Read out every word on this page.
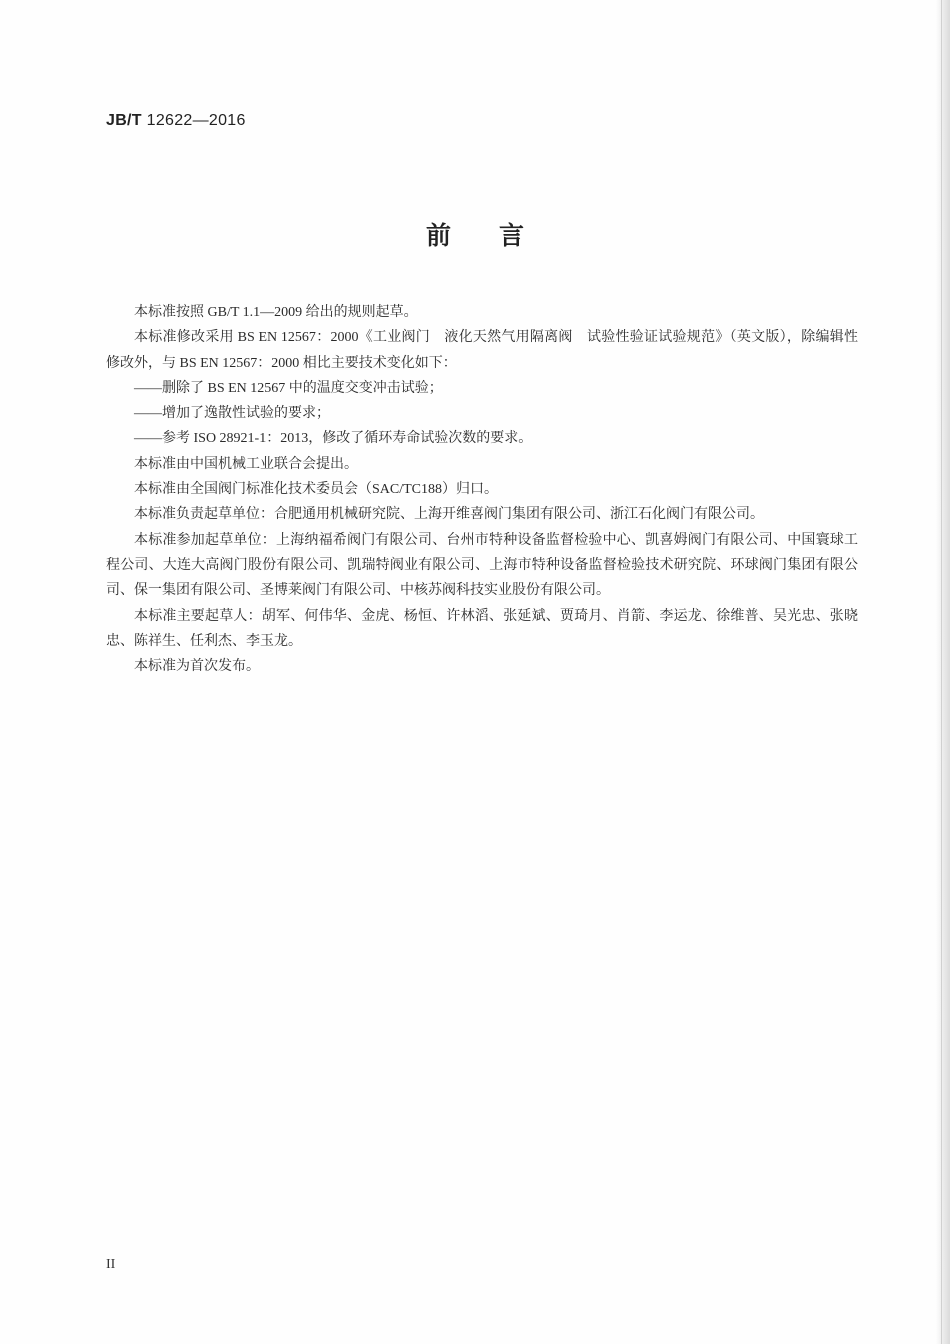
JB/T 12622—2016
前言

本标准按照 GB/T 1.1—2009 给出的规则起草。

本标准修改采用 BS EN 12567：2000《工业阀门　液化天然气用隔离阀　试验性验证试验规范》（英文版），除编辑性修改外，与 BS EN 12567：2000 相比主要技术变化如下：

——删除了 BS EN 12567 中的温度交变冲击试验；

——增加了逸散性试验的要求；

——参考 ISO 28921-1：2013，修改了循环寿命试验次数的要求。

本标准由中国机械工业联合会提出。

本标准由全国阀门标准化技术委员会（SAC/TC188）归口。

本标准负责起草单位：合肥通用机械研究院、上海开维喜阀门集团有限公司、浙江石化阀门有限公司。

本标准参加起草单位：上海纳福希阀门有限公司、台州市特种设备监督检验中心、凯喜姆阀门有限公司、中国寰球工程公司、大连大高阀门股份有限公司、凯瑞特阀业有限公司、上海市特种设备监督检验技术研究院、环球阀门集团有限公司、保一集团有限公司、圣博莱阀门有限公司、中核苏阀科技实业股份有限公司。

本标准主要起草人：胡军、何伟华、金虎、杨恒、许林滔、张延斌、贾琦月、肖箭、李运龙、徐维普、吴光忠、张晓忠、陈祥生、任利杰、李玉龙。

本标准为首次发布。

II
